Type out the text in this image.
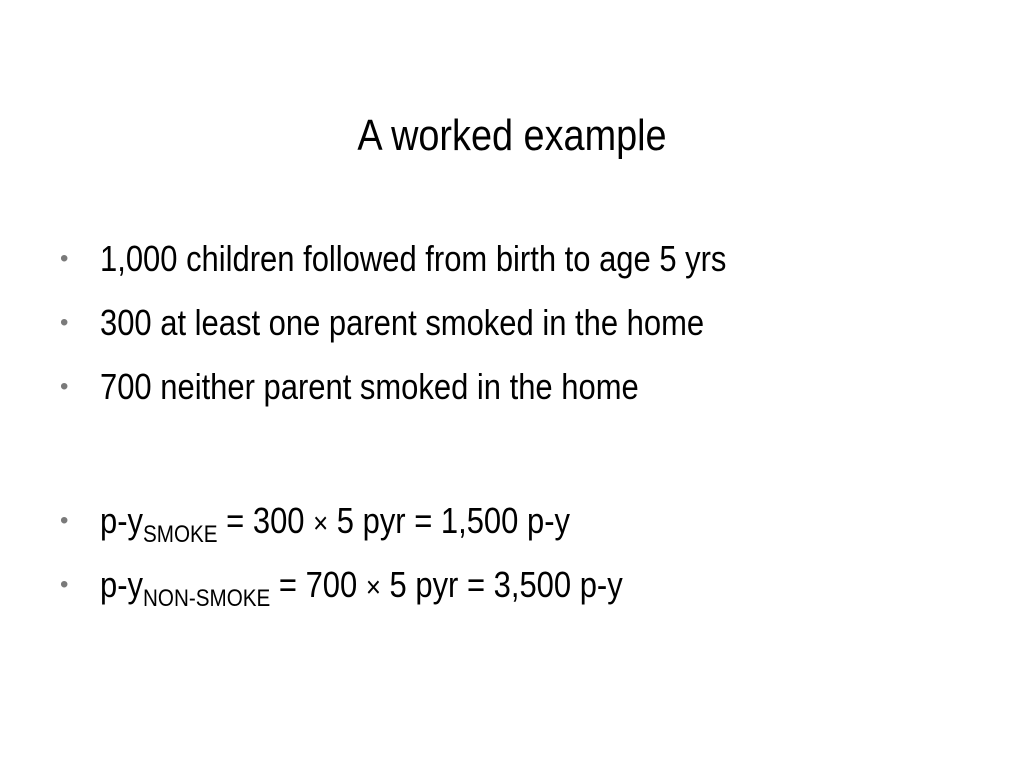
A worked example
• 1,000 children followed from birth to age 5 yrs
• 300 at least one parent smoked in the home
• 700 neither parent smoked in the home
• $p-y_{SMOKE} = 300 \times 5$ pyr = 1,500 p-y
• $p-y_{NON-SMOKE} = 700 \times 5$ pyr = 3,500 p-y
